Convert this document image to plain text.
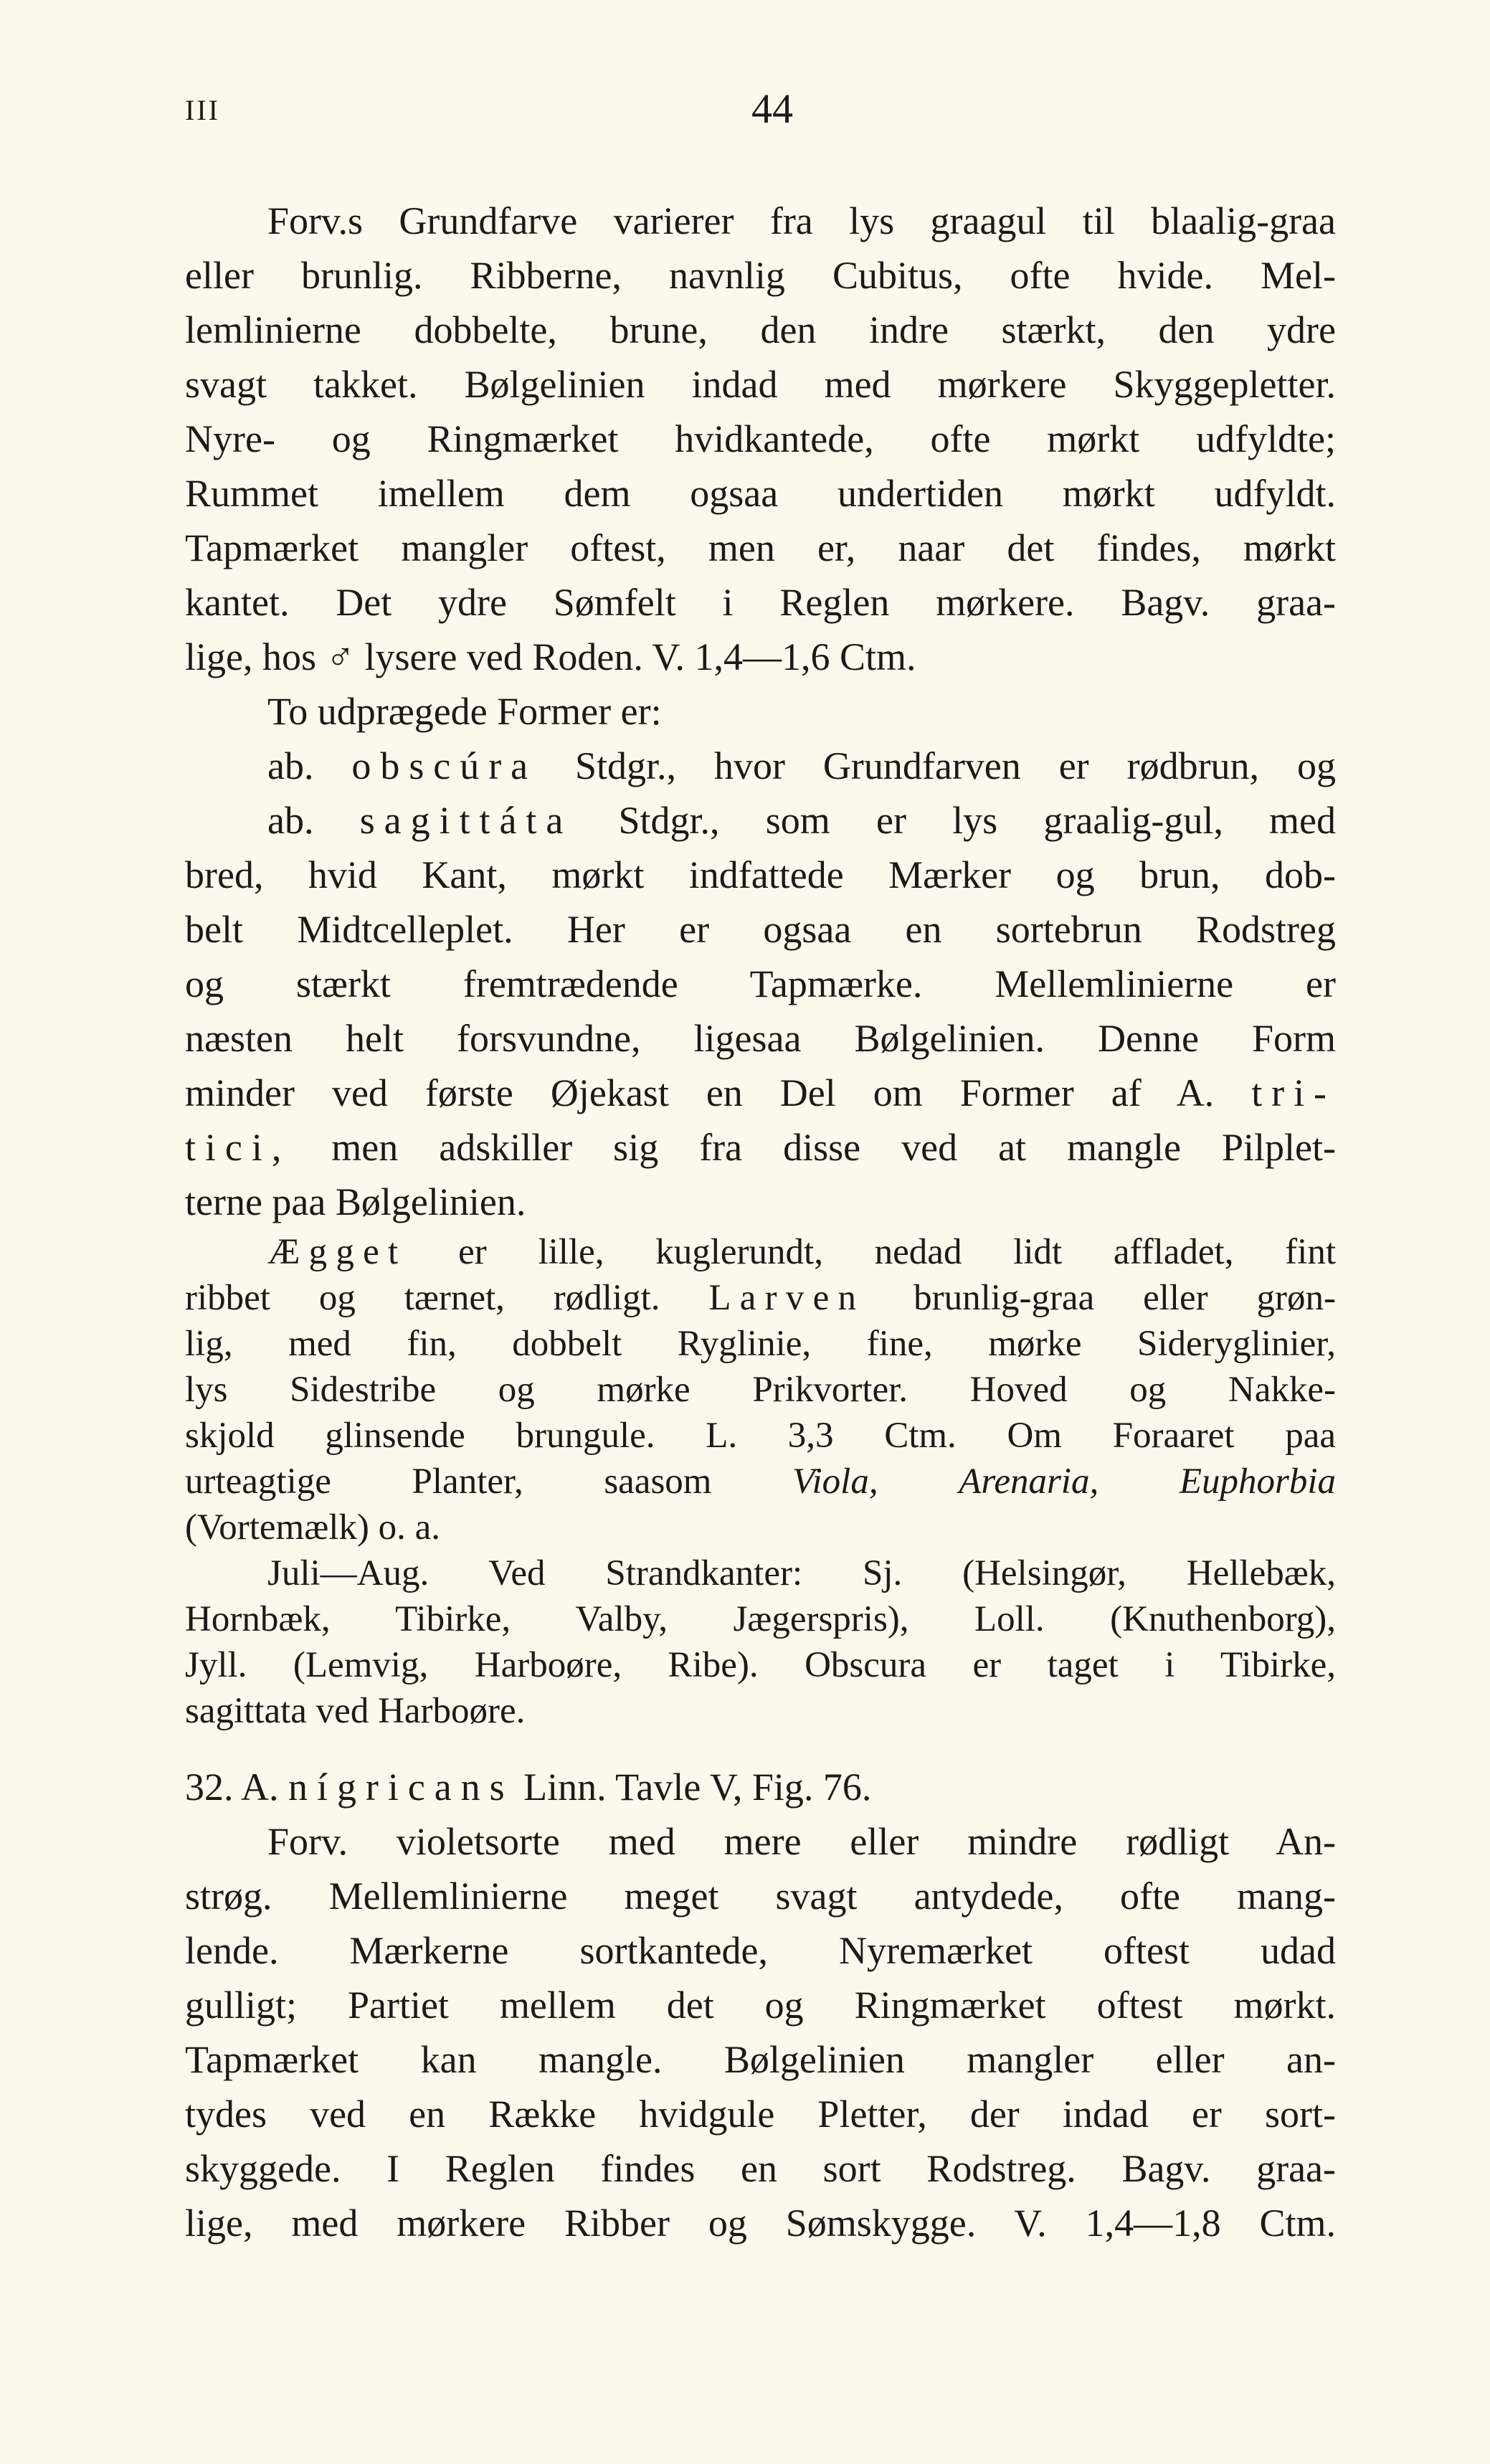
III	44
Forv.s Grundfarve varierer fra lys graagul til blaalig-graa
eller brunlig. Ribberne, navnlig Cubitus, ofte hvide. Mel-
lemlinierne dobbelte, brune, den indre stærkt, den ydre
svagt takket. Bølgelinien indad med mørkere Skyggepletter.
Nyre- og Ringmærket hvidkantede, ofte mørkt udfyldte;
Rummet imellem dem ogsaa undertiden mørkt udfyldt.
Tapmærket mangler oftest, men er, naar det findes, mørkt
kantet. Det ydre Sømfelt i Reglen mørkere. Bagv. graa-
lige, hos ♂ lysere ved Roden. V. 1,4—1,6 Ctm.
To udprægede Former er:
ab. obscúra Stdgr., hvor Grundfarven er rødbrun, og
ab. sagittáta Stdgr., som er lys graalig-gul, med
bred, hvid Kant, mørkt indfattede Mærker og brun, dob-
belt Midtcelleplet. Her er ogsaa en sortebrun Rodstreg
og stærkt fremtrædende Tapmærke. Mellemlinierne er
næsten helt forsvundne, ligesaa Bølgelinien. Denne Form
minder ved første Øjekast en Del om Former af A. tri-
tici, men adskiller sig fra disse ved at mangle Pilplet-
terne paa Bølgelinien.
Ægget er lille, kuglerundt, nedad lidt affladet, fint
ribbet og tærnet, rødligt. Larven brunlig-graa eller grøn-
lig, med fin, dobbelt Ryglinie, fine, mørke Sideryglinier,
lys Sidestribe og mørke Prikvorter. Hoved og Nakke-
skjold glinsende brungule. L. 3,3 Ctm. Om Foraaret paa
urteagtige Planter, saasom Viola, Arenaria, Euphorbia
(Vortemælk) o. a.
Juli—Aug. Ved Strandkanter: Sj. (Helsingør, Hellebæk,
Hornbæk, Tibirke, Valby, Jægerspris), Loll. (Knuthenborg),
Jyll. (Lemvig, Harboøre, Ribe). Obscura er taget i Tibirke,
sagittata ved Harboøre.
32. A. nígricans Linn. Tavle V, Fig. 76.
Forv. violetsorte med mere eller mindre rødligt An-
strøg. Mellemlinierne meget svagt antydede, ofte mang-
lende. Mærkerne sortkantede, Nyremærket oftest udad
gulligt; Partiet mellem det og Ringmærket oftest mørkt.
Tapmærket kan mangle. Bølgelinien mangler eller an-
tydes ved en Række hvidgule Pletter, der indad er sort-
skyggede. I Reglen findes en sort Rodstreg. Bagv. graa-
lige, med mørkere Ribber og Sømskygge. V. 1,4—1,8 Ctm.
